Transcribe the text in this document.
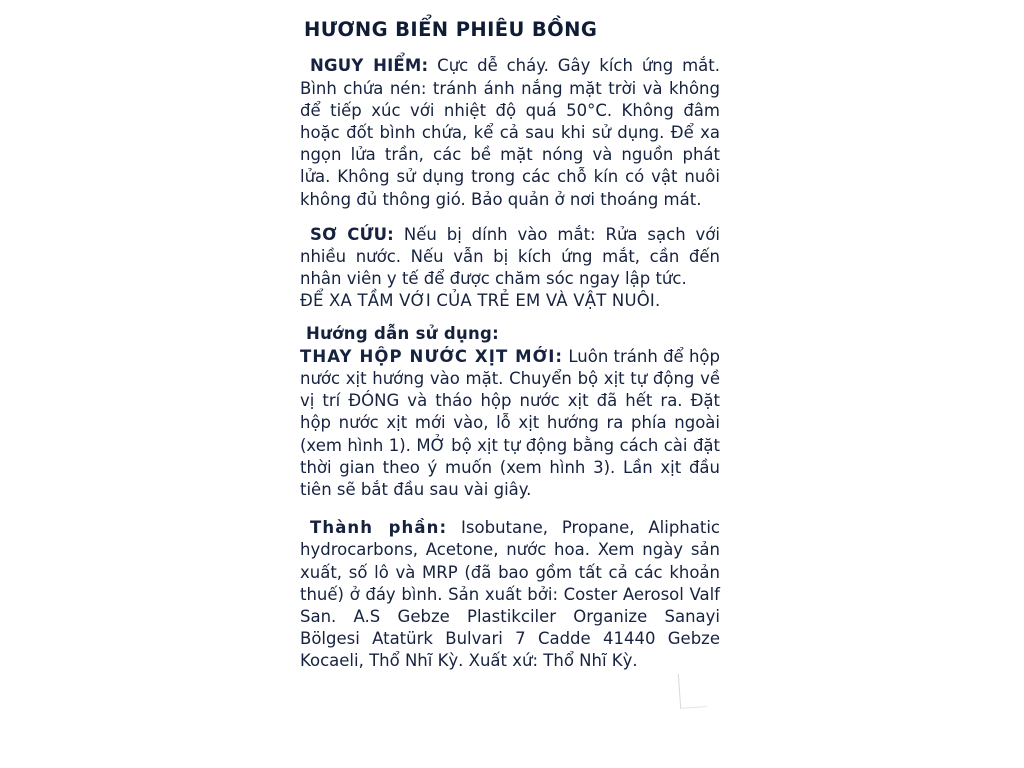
HƯƠNG BIỂN PHIÊU BỒNG

NGUY HIỂM: Cực dễ cháy. Gây kích ứng mắt. Bình chứa nén: tránh ánh nắng mặt trời và không để tiếp xúc với nhiệt độ quá 50°C. Không đâm hoặc đốt bình chứa, kể cả sau khi sử dụng. Để xa ngọn lửa trần, các bề mặt nóng và nguồn phát lửa. Không sử dụng trong các chỗ kín có vật nuôi không đủ thông gió. Bảo quản ở nơi thoáng mát.

SƠ CỨU: Nếu bị dính vào mắt: Rửa sạch với nhiều nước. Nếu vẫn bị kích ứng mắt, cần đến nhân viên y tế để được chăm sóc ngay lập tức.

ĐỂ XA TẦM VỚI CỦA TRẺ EM VÀ VẬT NUÔI.

Hướng dẫn sử dụng:

THAY HỘP NƯỚC XỊT MỚI: Luôn tránh để hộp nước xịt hướng vào mặt. Chuyển bộ xịt tự động về vị trí ĐÓNG và tháo hộp nước xịt đã hết ra. Đặt hộp nước xịt mới vào, lỗ xịt hướng ra phía ngoài (xem hình 1). MỞ bộ xịt tự động bằng cách cài đặt thời gian theo ý muốn (xem hình 3). Lần xịt đầu tiên sẽ bắt đầu sau vài giây.

Thành phần: Isobutane, Propane, Aliphatic hydrocarbons, Acetone, nước hoa. Xem ngày sản xuất, số lô và MRP (đã bao gồm tất cả các khoản thuế) ở đáy bình. Sản xuất bởi: Coster Aerosol Valf San. A.S Gebze Plastikciler Organize Sanayi Bölgesi Atatürk Bulvari 7 Cadde 41440 Gebze Kocaeli, Thổ Nhĩ Kỳ. Xuất xứ: Thổ Nhĩ Kỳ.
